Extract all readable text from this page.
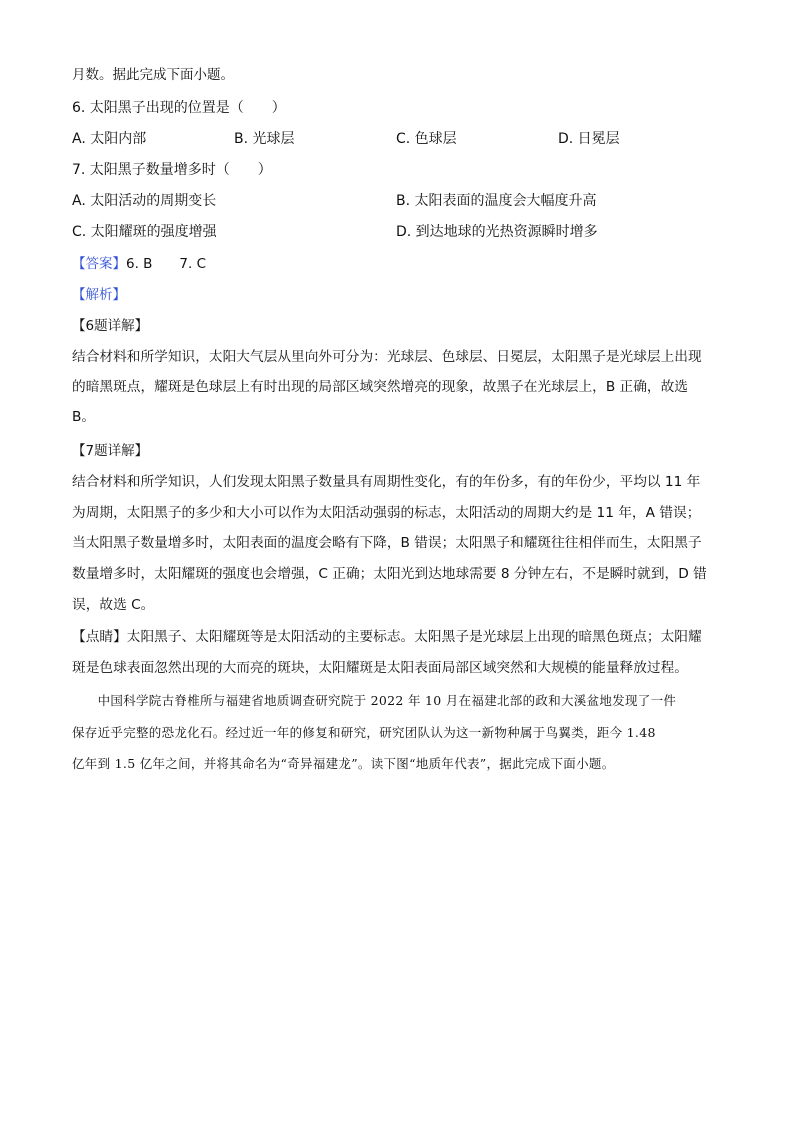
月数。据此完成下面小题。
6. 太阳黑子出现的位置是（　　）
A. 太阳内部	B. 光球层	C. 色球层	D. 日冕层
7. 太阳黑子数量增多时（　　）
A. 太阳活动的周期变长	B. 太阳表面的温度会大幅度升高
C. 太阳耀斑的强度增强	D. 到达地球的光热资源瞬时增多
【答案】6. B　　7. C
【解析】
【6题详解】
结合材料和所学知识，太阳大气层从里向外可分为：光球层、色球层、日冕层，太阳黑子是光球层上出现
的暗黑斑点，耀斑是色球层上有时出现的局部区域突然增亮的现象，故黑子在光球层上，B 正确，故选
B。
【7题详解】
结合材料和所学知识，人们发现太阳黑子数量具有周期性变化，有的年份多，有的年份少，平均以 11 年
为周期，太阳黑子的多少和大小可以作为太阳活动强弱的标志，太阳活动的周期大约是 11 年，A 错误；
当太阳黑子数量增多时，太阳表面的温度会略有下降，B 错误；太阳黑子和耀斑往往相伴而生，太阳黑子
数量增多时，太阳耀斑的强度也会增强，C 正确；太阳光到达地球需要 8 分钟左右，不是瞬时就到，D 错
误，故选 C。
【点睛】太阳黑子、太阳耀斑等是太阳活动的主要标志。太阳黑子是光球层上出现的暗黑色斑点；太阳耀
斑是色球表面忽然出现的大而亮的斑块，太阳耀斑是太阳表面局部区域突然和大规模的能量释放过程。
　　中国科学院古脊椎所与福建省地质调查研究院于 2022 年 10 月在福建北部的政和大溪盆地发现了一件
保存近乎完整的恐龙化石。经过近一年的修复和研究，研究团队认为这一新物种属于鸟翼类，距今 1.48
亿年到 1.5 亿年之间，并将其命名为“奇异福建龙”。读下图“地质年代表”，据此完成下面小题。
